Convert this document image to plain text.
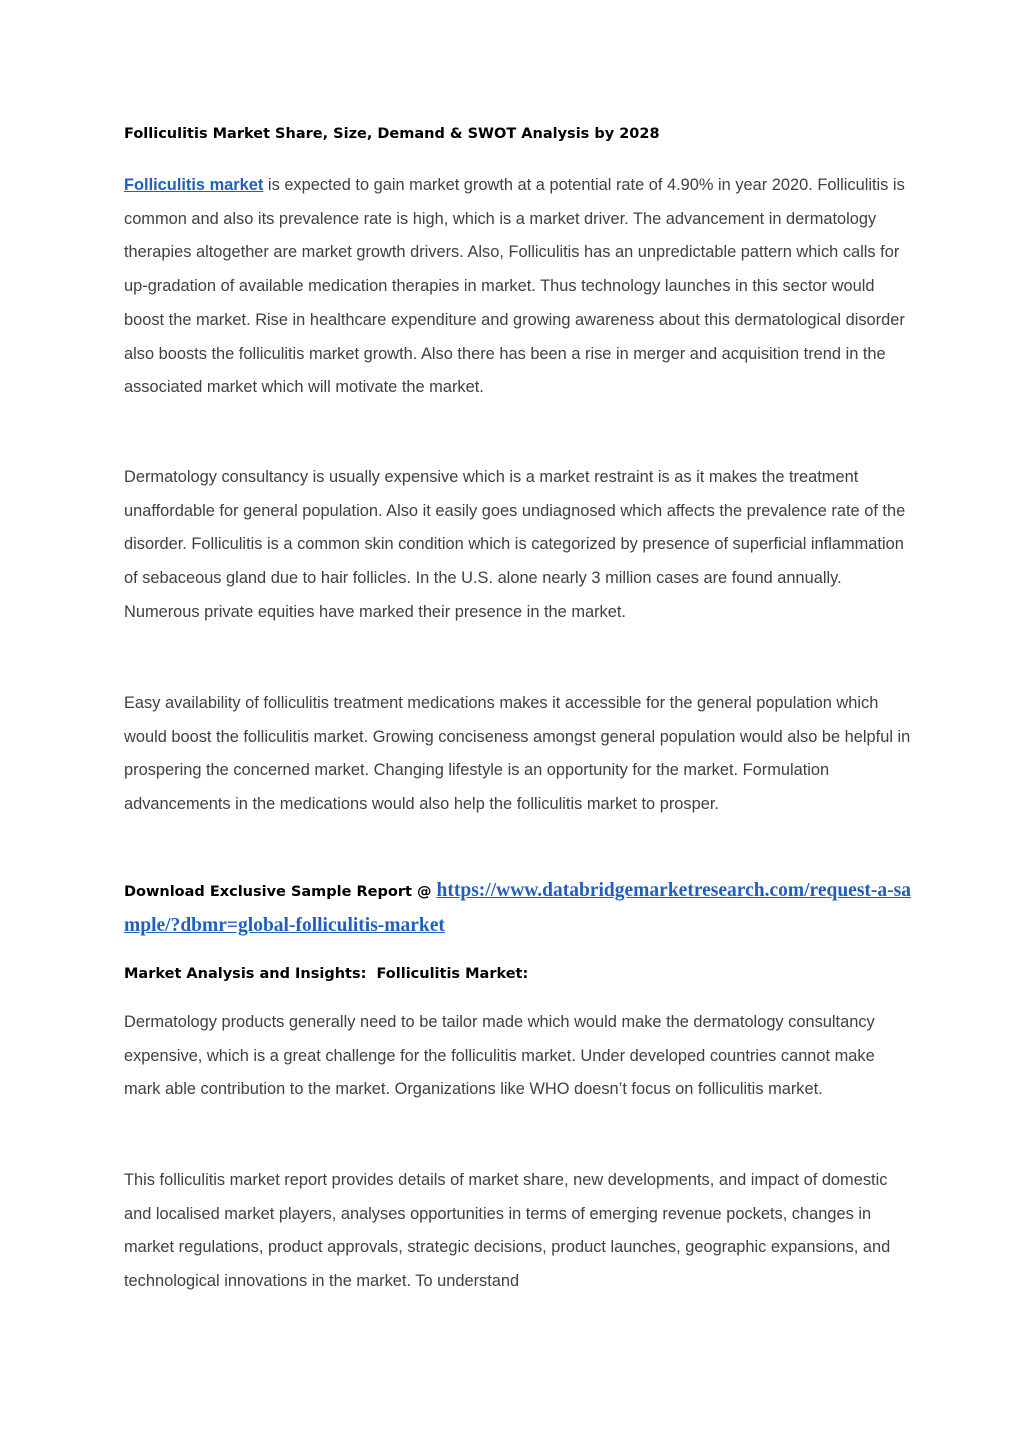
Folliculitis Market Share, Size, Demand & SWOT Analysis by 2028

Folliculitis market is expected to gain market growth at a potential rate of 4.90% in year 2020. Folliculitis is common and also its prevalence rate is high, which is a market driver. The advancement in dermatology therapies altogether are market growth drivers. Also, Folliculitis has an unpredictable pattern which calls for up-gradation of available medication therapies in market. Thus technology launches in this sector would boost the market. Rise in healthcare expenditure and growing awareness about this dermatological disorder also boosts the folliculitis market growth. Also there has been a rise in merger and acquisition trend in the associated market which will motivate the market.

Dermatology consultancy is usually expensive which is a market restraint is as it makes the treatment unaffordable for general population. Also it easily goes undiagnosed which affects the prevalence rate of the disorder. Folliculitis is a common skin condition which is categorized by presence of superficial inflammation of sebaceous gland due to hair follicles. In the U.S. alone nearly 3 million cases are found annually. Numerous private equities have marked their presence in the market.

Easy availability of folliculitis treatment medications makes it accessible for the general population which would boost the folliculitis market. Growing conciseness amongst general population would also be helpful in prospering the concerned market. Changing lifestyle is an opportunity for the market. Formulation advancements in the medications would also help the folliculitis market to prosper.

Download Exclusive Sample Report @ https://www.databridgemarketresearch.com/request-a-sample/?dbmr=global-folliculitis-market

Market Analysis and Insights:  Folliculitis Market:

Dermatology products generally need to be tailor made which would make the dermatology consultancy expensive, which is a great challenge for the folliculitis market. Under developed countries cannot make mark able contribution to the market. Organizations like WHO doesn’t focus on folliculitis market.

This folliculitis market report provides details of market share, new developments, and impact of domestic and localised market players, analyses opportunities in terms of emerging revenue pockets, changes in market regulations, product approvals, strategic decisions, product launches, geographic expansions, and technological innovations in the market. To understand
